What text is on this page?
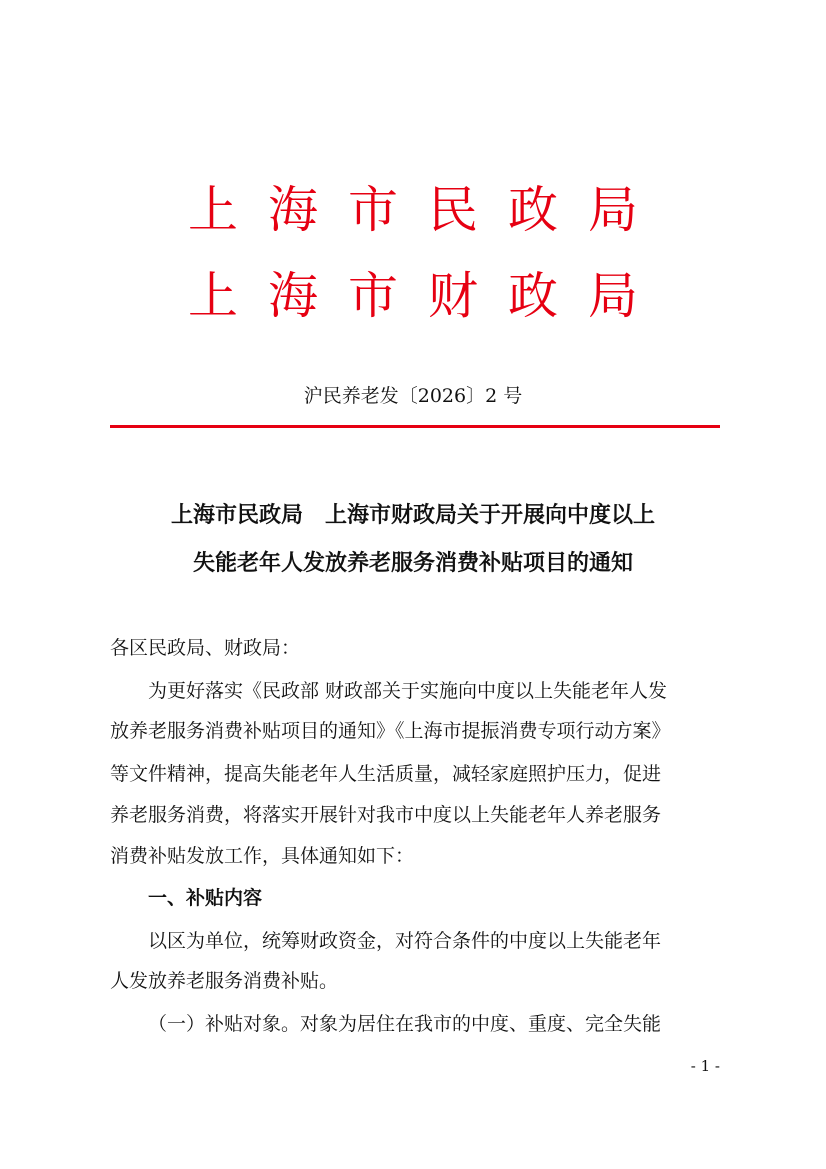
上海市民政局
上海市财政局
沪民养老发〔2026〕2 号
上海市民政局　上海市财政局关于开展向中度以上
失能老年人发放养老服务消费补贴项目的通知
各区民政局、财政局：
为更好落实《民政部 财政部关于实施向中度以上失能老年人发
放养老服务消费补贴项目的通知》《上海市提振消费专项行动方案》
等文件精神，提高失能老年人生活质量，减轻家庭照护压力，促进
养老服务消费，将落实开展针对我市中度以上失能老年人养老服务
消费补贴发放工作，具体通知如下：
一、补贴内容
以区为单位，统筹财政资金，对符合条件的中度以上失能老年
人发放养老服务消费补贴。
（一）补贴对象。对象为居住在我市的中度、重度、完全失能
- 1 -
